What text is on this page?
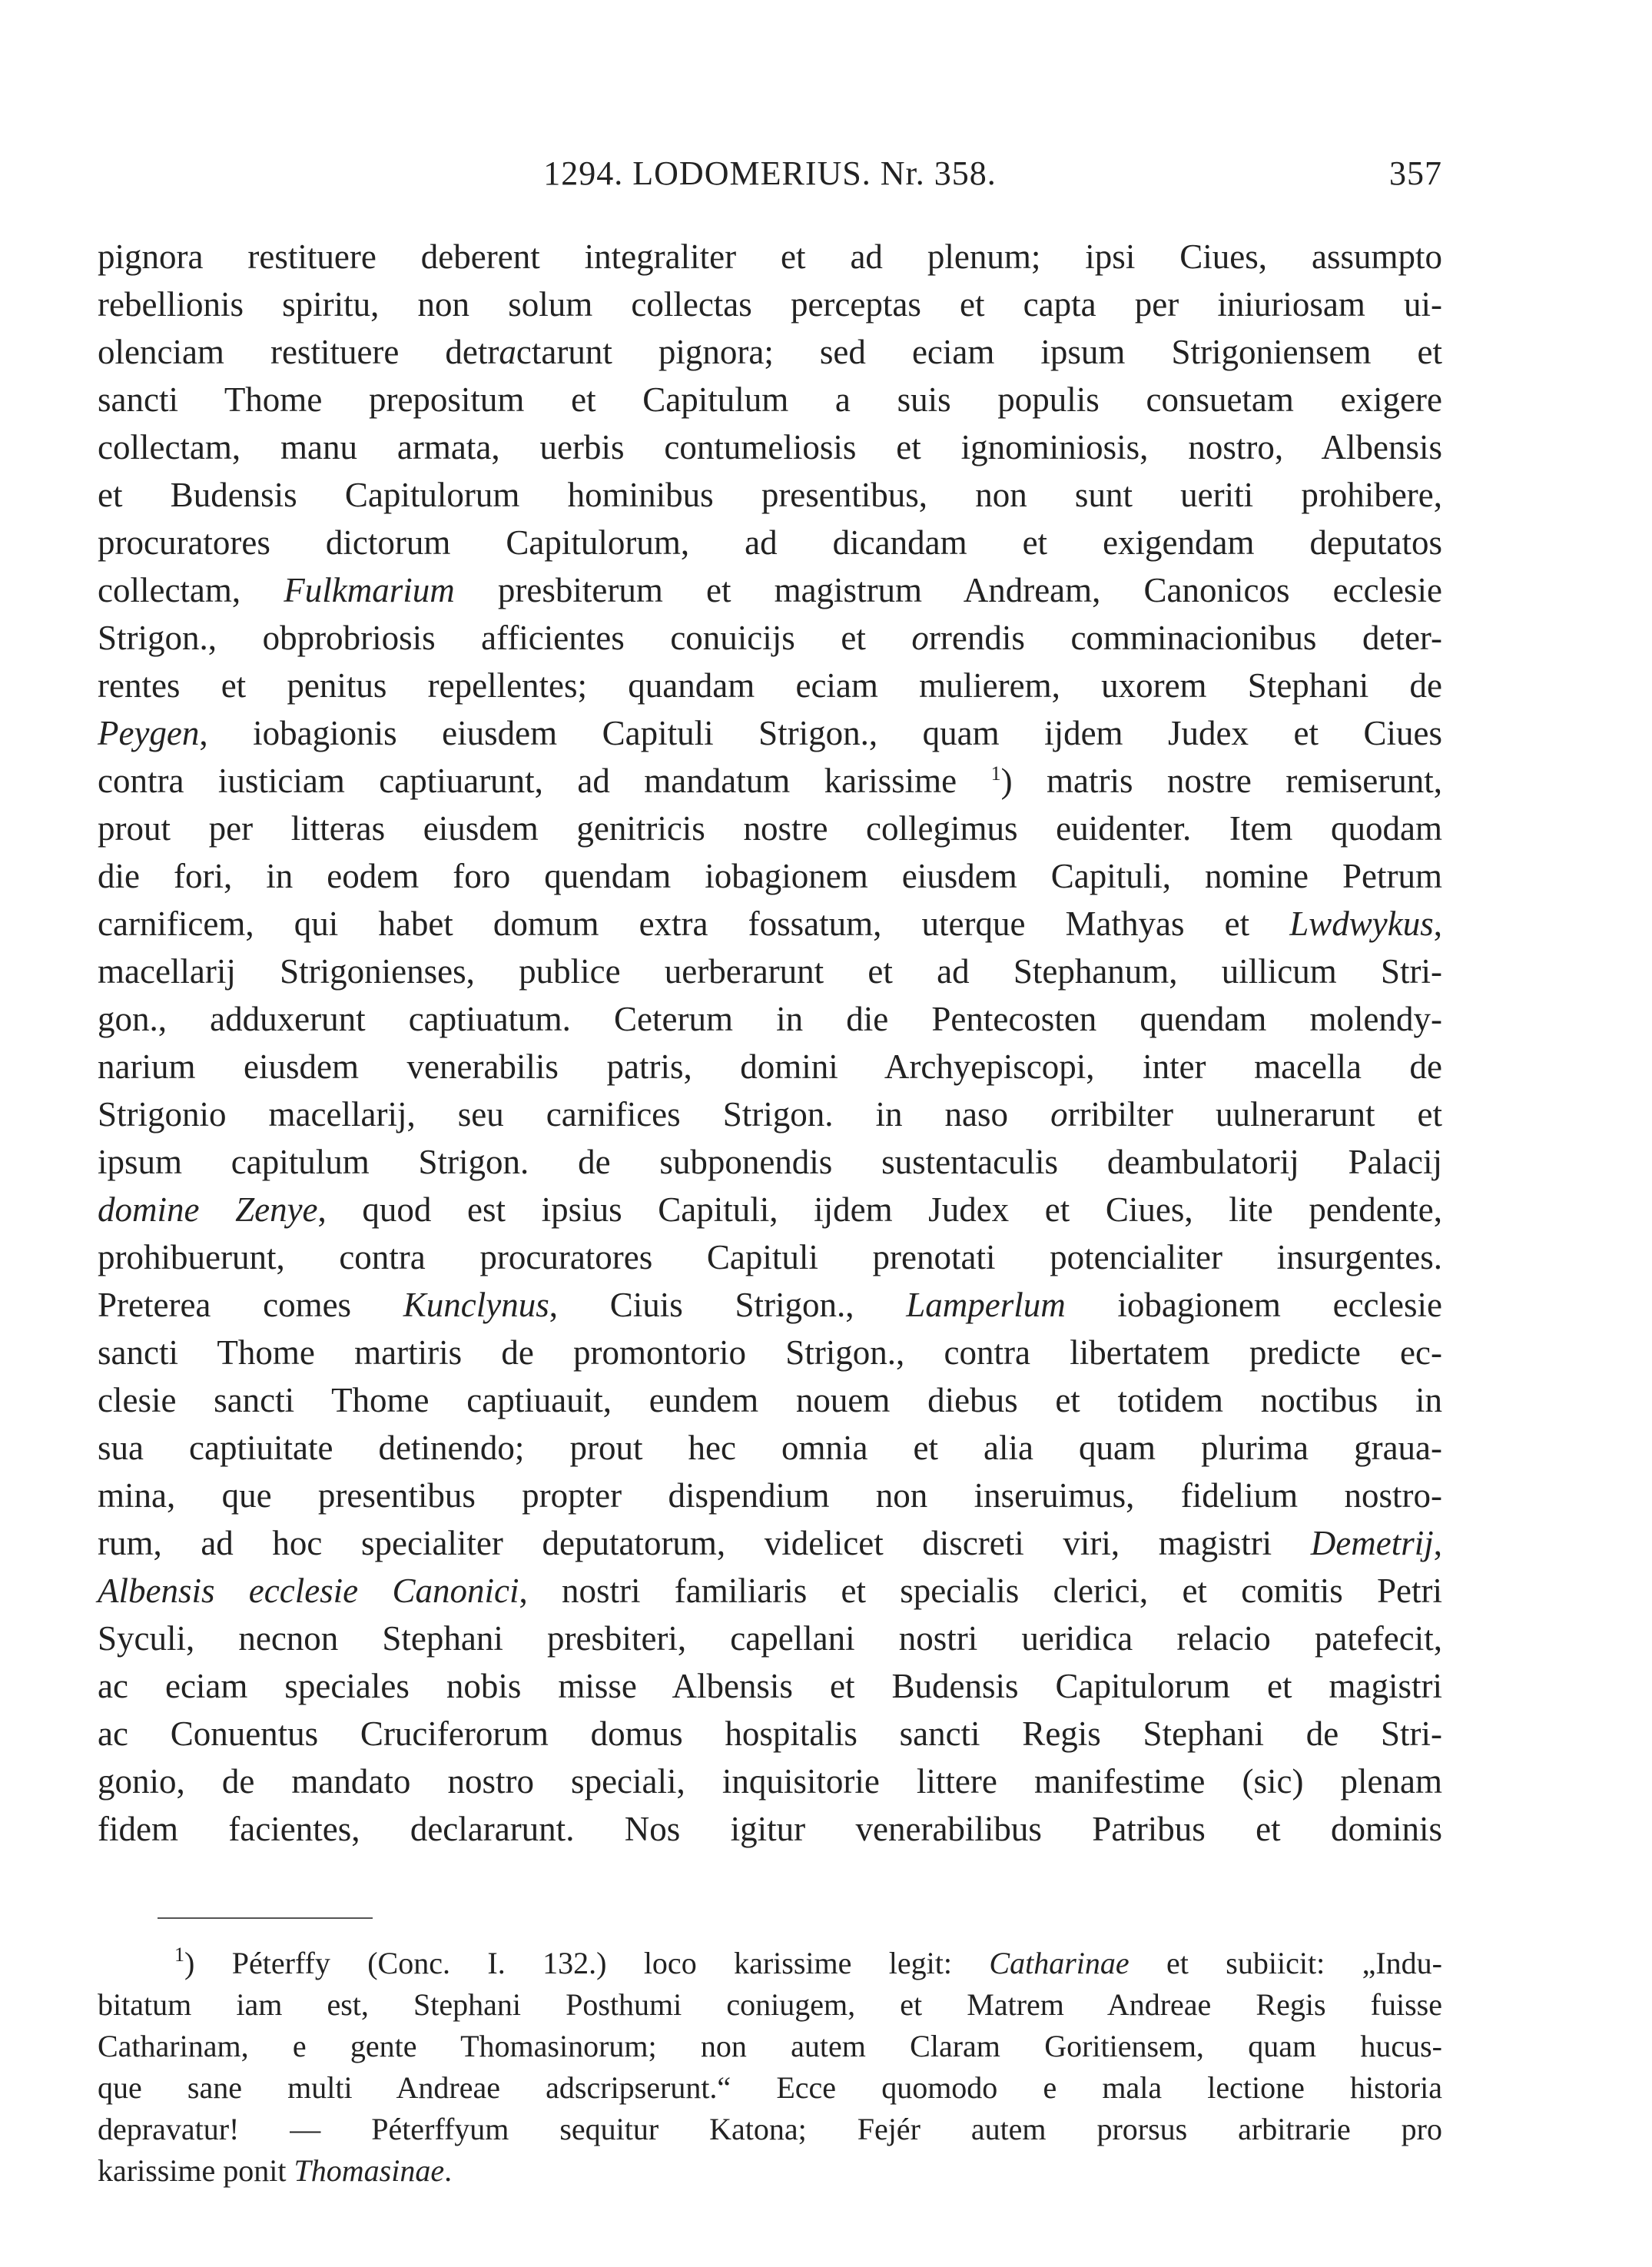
1294. LODOMERIUS. Nr. 358.	357
pignora restituere deberent integraliter et ad plenum; ipsi Ciues, assumpto
rebellionis spiritu, non solum collectas perceptas et capta per iniuriosam ui-
olenciam restituere detractarunt pignora; sed eciam ipsum Strigoniensem et
sancti Thome prepositum et Capitulum a suis populis consuetam exigere
collectam, manu armata, uerbis contumeliosis et ignominiosis, nostro, Albensis
et Budensis Capitulorum hominibus presentibus, non sunt ueriti prohibere,
procuratores dictorum Capitulorum, ad dicandam et exigendam deputatos
collectam, Fulkmarium presbiterum et magistrum Andream, Canonicos ecclesie
Strigon., obprobriosis afficientes conuicijs et orrendis comminacionibus deter-
rentes et penitus repellentes; quandam eciam mulierem, uxorem Stephani de
Peygen, iobagionis eiusdem Capituli Strigon., quam ijdem Judex et Ciues
contra iusticiam captiuarunt, ad mandatum karissime $^1$) matris nostre remiserunt,
prout per litteras eiusdem genitricis nostre collegimus euidenter. Item quodam
die fori, in eodem foro quendam iobagionem eiusdem Capituli, nomine Petrum
carnificem, qui habet domum extra fossatum, uterque Mathyas et Lwdwykus,
macellarij Strigonienses, publice uerberarunt et ad Stephanum, uillicum Stri-
gon., adduxerunt captiuatum. Ceterum in die Pentecosten quendam molendy-
narium eiusdem venerabilis patris, domini Archyepiscopi, inter macella de
Strigonio macellarij, seu carnifices Strigon. in naso orribilter uulnerarunt et
ipsum capitulum Strigon. de subponendis sustentaculis deambulatorij Palacij
domine Zenye, quod est ipsius Capituli, ijdem Judex et Ciues, lite pendente,
prohibuerunt, contra procuratores Capituli prenotati potencialiter insurgentes.
Preterea comes Kunclynus, Ciuis Strigon., Lamperlum iobagionem ecclesie
sancti Thome martiris de promontorio Strigon., contra libertatem predicte ec-
clesie sancti Thome captiuauit, eundem nouem diebus et totidem noctibus in
sua captiuitate detinendo; prout hec omnia et alia quam plurima graua-
mina, que presentibus propter dispendium non inseruimus, fidelium nostro-
rum, ad hoc specialiter deputatorum, videlicet discreti viri, magistri Demetrij,
Albensis ecclesie Canonici, nostri familiaris et specialis clerici, et comitis Petri
Syculi, necnon Stephani presbiteri, capellani nostri ueridica relacio patefecit,
ac eciam speciales nobis misse Albensis et Budensis Capitulorum et magistri
ac Conuentus Cruciferorum domus hospitalis sancti Regis Stephani de Stri-
gonio, de mandato nostro speciali, inquisitorie littere manifestime (sic) plenam
fidem facientes, declararunt. Nos igitur venerabilibus Patribus et dominis
$^1$) Péterffy (Conc. I. 132.) loco karissime legit: Catharinae et subiicit: „Indu-
bitatum iam est, Stephani Posthumi coniugem, et Matrem Andreae Regis fuisse
Catharinam, e gente Thomasinorum; non autem Claram Goritiensem, quam hucus-
que sane multi Andreae adscripserunt.“ Ecce quomodo e mala lectione historia
depravatur! — Péterffyum sequitur Katona; Fejér autem prorsus arbitrarie pro
karissime ponit Thomasinae.
